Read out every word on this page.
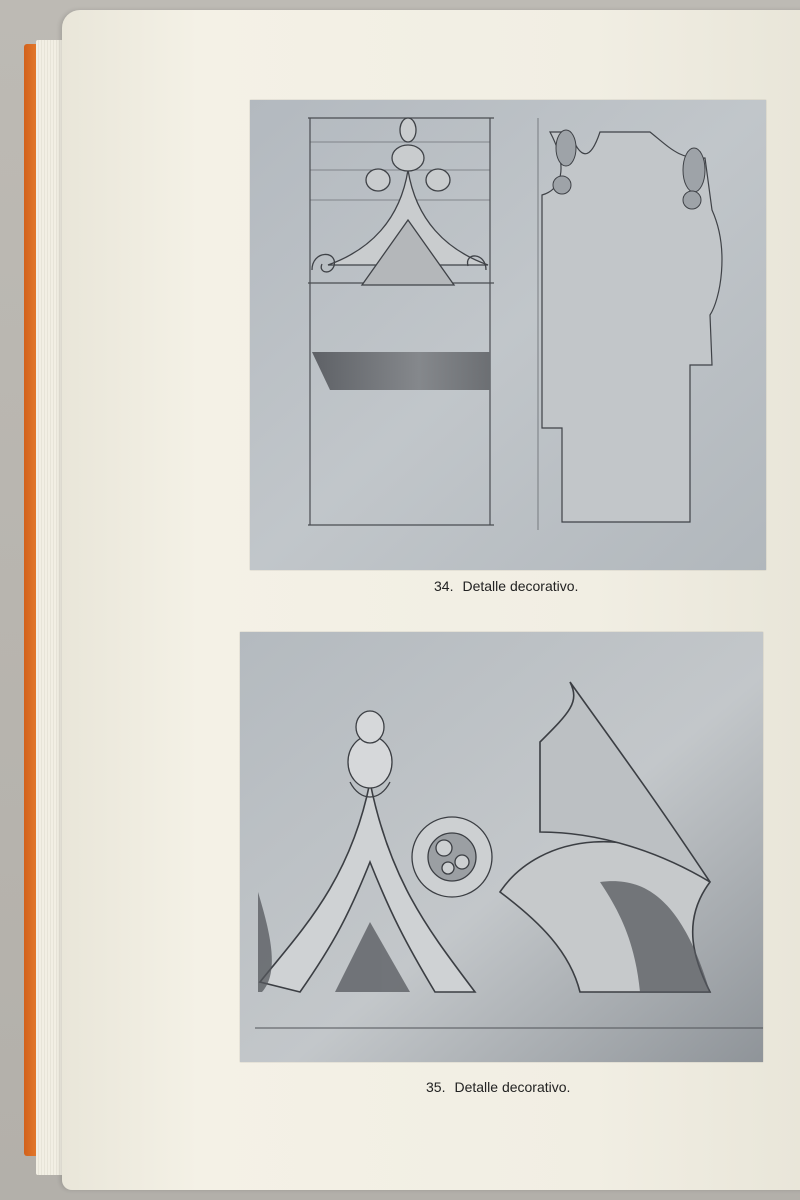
34. Detalle decorativo.
35. Detalle decorativo.
